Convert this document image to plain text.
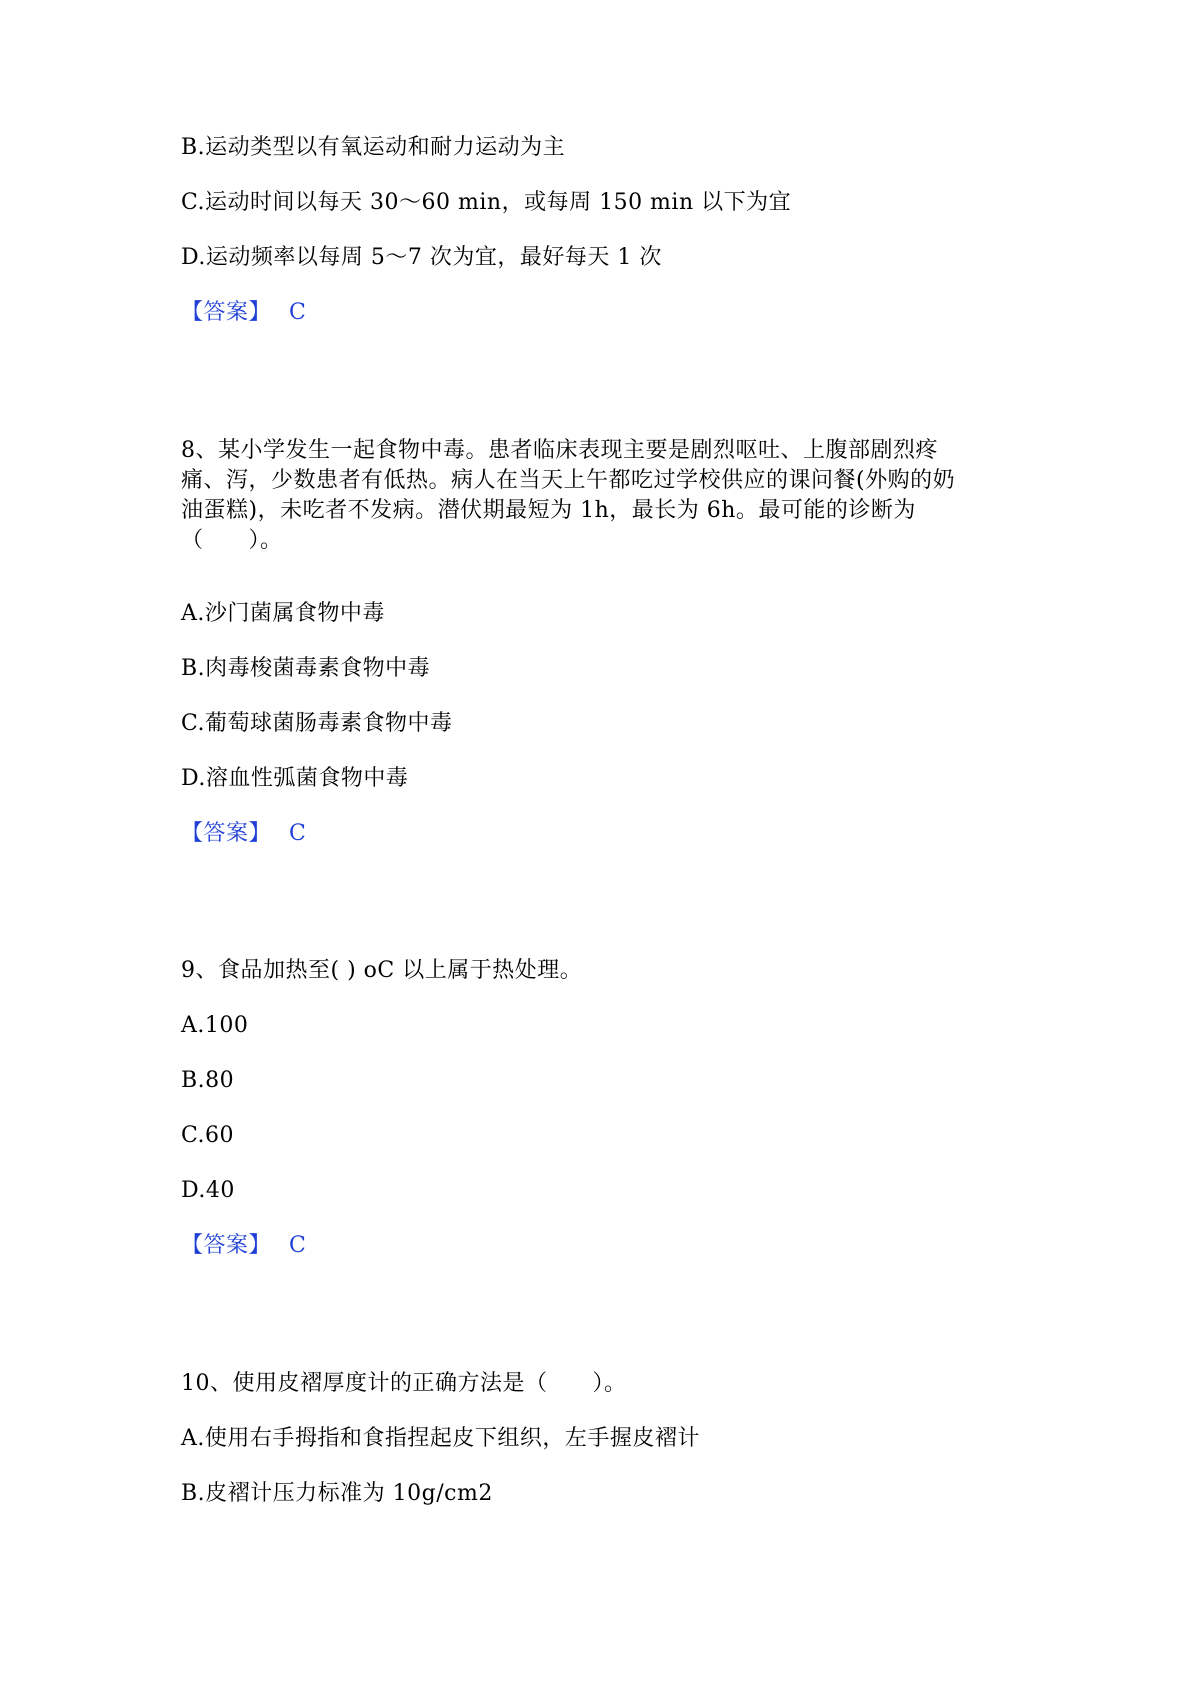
B.运动类型以有氧运动和耐力运动为主
C.运动时间以每天 30～60 min，或每周 150 min 以下为宜
D.运动频率以每周 5～7 次为宜，最好每天 1 次
【答案】 C
8、某小学发生一起食物中毒。患者临床表现主要是剧烈呕吐、上腹部剧烈疼
痛、泻，少数患者有低热。病人在当天上午都吃过学校供应的课问餐(外购的奶
油蛋糕)，未吃者不发病。潜伏期最短为 1h，最长为 6h。最可能的诊断为
（　　）。
A.沙门菌属食物中毒
B.肉毒梭菌毒素食物中毒
C.葡萄球菌肠毒素食物中毒
D.溶血性弧菌食物中毒
【答案】 C
9、食品加热至( ) oC 以上属于热处理。
A.100
B.80
C.60
D.40
【答案】 C
10、使用皮褶厚度计的正确方法是（　　）。
A.使用右手拇指和食指捏起皮下组织，左手握皮褶计
B.皮褶计压力标准为 10g/cm2
